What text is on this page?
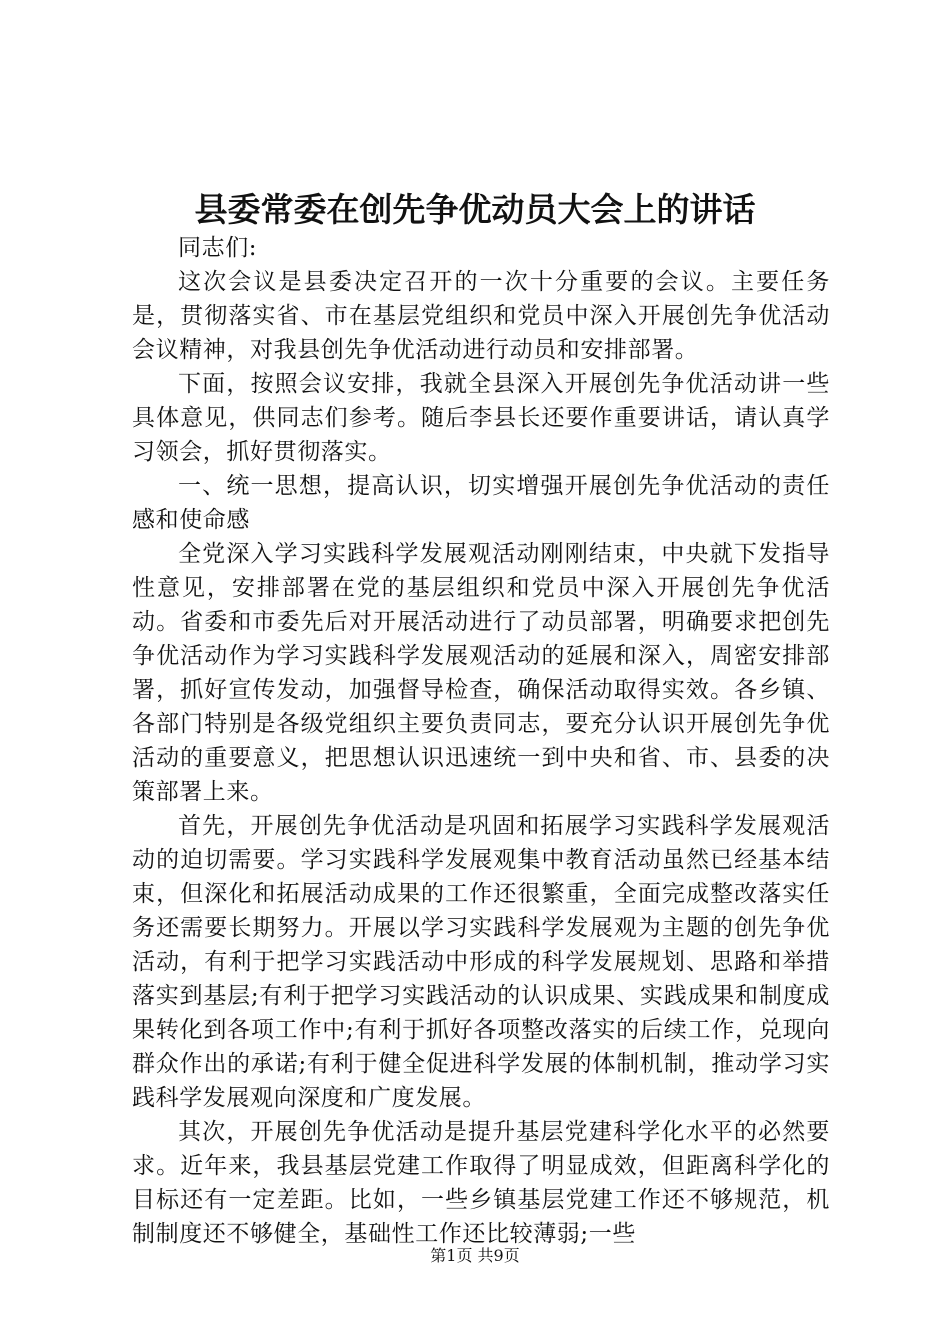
县委常委在创先争优动员大会上的讲话

同志们:

这次会议是县委决定召开的一次十分重要的会议。主要任务是，贯彻落实省、市在基层党组织和党员中深入开展创先争优活动会议精神，对我县创先争优活动进行动员和安排部署。

下面，按照会议安排，我就全县深入开展创先争优活动讲一些具体意见，供同志们参考。随后李县长还要作重要讲话，请认真学习领会，抓好贯彻落实。

一、统一思想，提高认识，切实增强开展创先争优活动的责任感和使命感

全党深入学习实践科学发展观活动刚刚结束，中央就下发指导性意见，安排部署在党的基层组织和党员中深入开展创先争优活动。省委和市委先后对开展活动进行了动员部署，明确要求把创先争优活动作为学习实践科学发展观活动的延展和深入，周密安排部署，抓好宣传发动，加强督导检查，确保活动取得实效。各乡镇、各部门特别是各级党组织主要负责同志，要充分认识开展创先争优活动的重要意义，把思想认识迅速统一到中央和省、市、县委的决策部署上来。

首先，开展创先争优活动是巩固和拓展学习实践科学发展观活动的迫切需要。学习实践科学发展观集中教育活动虽然已经基本结束，但深化和拓展活动成果的工作还很繁重，全面完成整改落实任务还需要长期努力。开展以学习实践科学发展观为主题的创先争优活动，有利于把学习实践活动中形成的科学发展规划、思路和举措落实到基层;有利于把学习实践活动的认识成果、实践成果和制度成果转化到各项工作中;有利于抓好各项整改落实的后续工作，兑现向群众作出的承诺;有利于健全促进科学发展的体制机制，推动学习实践科学发展观向深度和广度发展。

其次，开展创先争优活动是提升基层党建科学化水平的必然要求。近年来，我县基层党建工作取得了明显成效，但距离科学化的目标还有一定差距。比如，一些乡镇基层党建工作还不够规范，机制制度还不够健全，基础性工作还比较薄弱;一些

第1页 共9页
